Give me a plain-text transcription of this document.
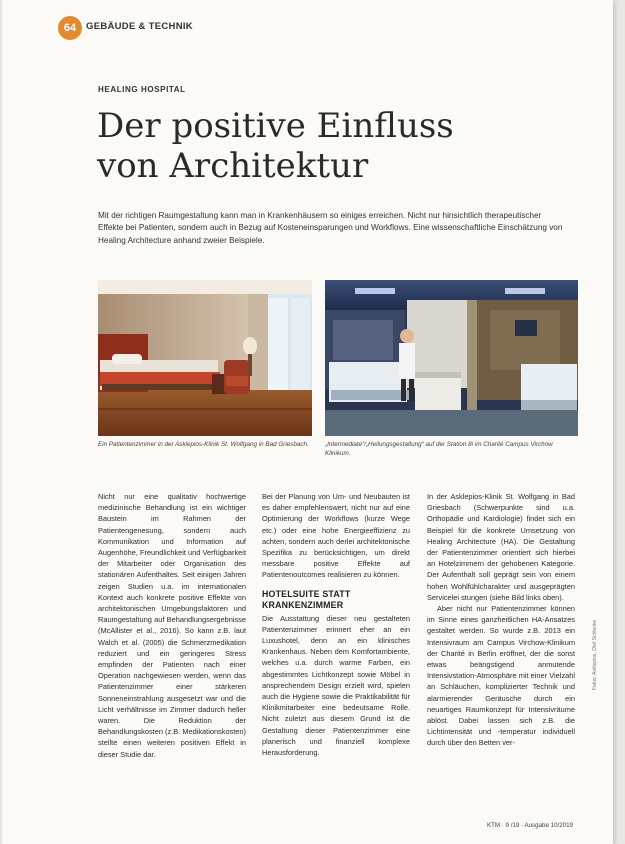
64	GEBÄUDE & TECHNIK
HEALING HOSPITAL
Der positive Einfluss
von Architektur

Mit der richtigen Raumgestaltung kann man in Krankenhäusern so einiges erreichen. Nicht nur hinsichtlich therapeutischer Effekte bei Patienten, sondern auch in Bezug auf Kosteneinsparungen und Workflows. Eine wissenschaftliche Einschätzung von Healing Architecture anhand zweier Beispiele.

Ein Patientenzimmer in der Asklepios-Klinik St. Wolfgang in Bad Griesbach.	„Intermediate“/„Heilungsgestaltung“ auf der Station 8i im Charité Campus Virchow Klinikum.

Nicht nur eine qualitativ hochwertige medizinische Behandlung ist ein wichtiger Baustein im Rahmen der Patientengenesung, sondern auch Kommunikation und Information auf Augenhöhe, Freundlichkeit und Verfügbarkeit der Mitarbeiter oder Organisation des stationären Aufenthaltes. Seit einigen Jahren zeigen Studien u.a. im internationalen Kontext auch konkrete positive Effekte von architektonischen Umgebungsfaktoren und Raumgestaltung auf Behandlungsergebnisse (McAllister et al., 2016). So kann z.B. laut Walch et al. (2005) die Schmerzmedikation reduziert und ein geringeres Stress empfinden der Patienten nach einer Operation nachgewiesen werden, wenn das Patientenzimmer einer stärkeren Sonneneinstrahlung ausgesetzt war und die Licht verhältnisse im Zimmer dadurch heller waren. Die Reduktion der Behandlungskosten (z.B. Medikationskosten) stellte einen weiteren positiven Effekt in dieser Studie dar.

Bei der Planung von Um- und Neubauten ist es daher empfehlenswert, nicht nur auf eine Optimierung der Workflows (kurze Wege etc.) oder eine hohe Energieeffizienz zu achten, sondern auch derlei architektonische Spezifika zu berücksichtigen, um direkt messbare positive Effekte auf Patientenoutcomes realisieren zu können.

HOTELSUITE STATT
KRANKENZIMMER

Die Ausstattung dieser neu gestalteten Patientenzimmer erinnert eher an ein Luxushotel, denn an ein klinisches Krankenhaus. Neben dem Komfortambiente, welches u.a. durch warme Farben, ein abgestimmtes Lichtkonzept sowie Möbel in ansprechendem Design erzielt wird, spielen auch die Hygiene sowie die Praktikabilität für Klinikmitarbeiter eine bedeutsame Rolle. Nicht zuletzt aus diesem Grund ist die Gestaltung dieser Patientenzimmer eine planerisch und finanziell komplexe Herausforderung.

In der Asklepios-Klinik St. Wolfgang in Bad Griesbach (Schwerpunkte sind u.a. Orthopädie und Kardiologie) findet sich ein Beispiel für die konkrete Umsetzung von Healing Architecture (HA). Die Gestaltung der Patientenzimmer orientiert sich hierbei an Hotelzimmern der gehobenen Kategorie. Der Aufenthalt soll geprägt sein von einem hohen Wohlfühlcharakter und ausgeprägten Servicelei stungen (siehe Bild links oben).

Aber nicht nur Patientenzimmer können im Sinne eines ganzheitlichen HA-Ansatzes gestaltet werden. So wurde z.B. 2013 ein Intensivraum am Campus Virchow-Klinikum der Charité in Berlin eröffnet, der die sonst etwas beängstigend anmutende Intensivstation-Atmosphäre mit einer Vielzahl an Schläuchen, komplizierter Technik und alarmierender Geräusche durch ein neuartiges Raumkonzept für Intensivräume ablöst. Dabei lassen sich z.B. die Lichtintensität und -temperatur individuell durch über den Betten ver-

Fotos: Asklepios, Olaf Schlenke
KTM · 9 /19 · Ausgabe 10/2019
